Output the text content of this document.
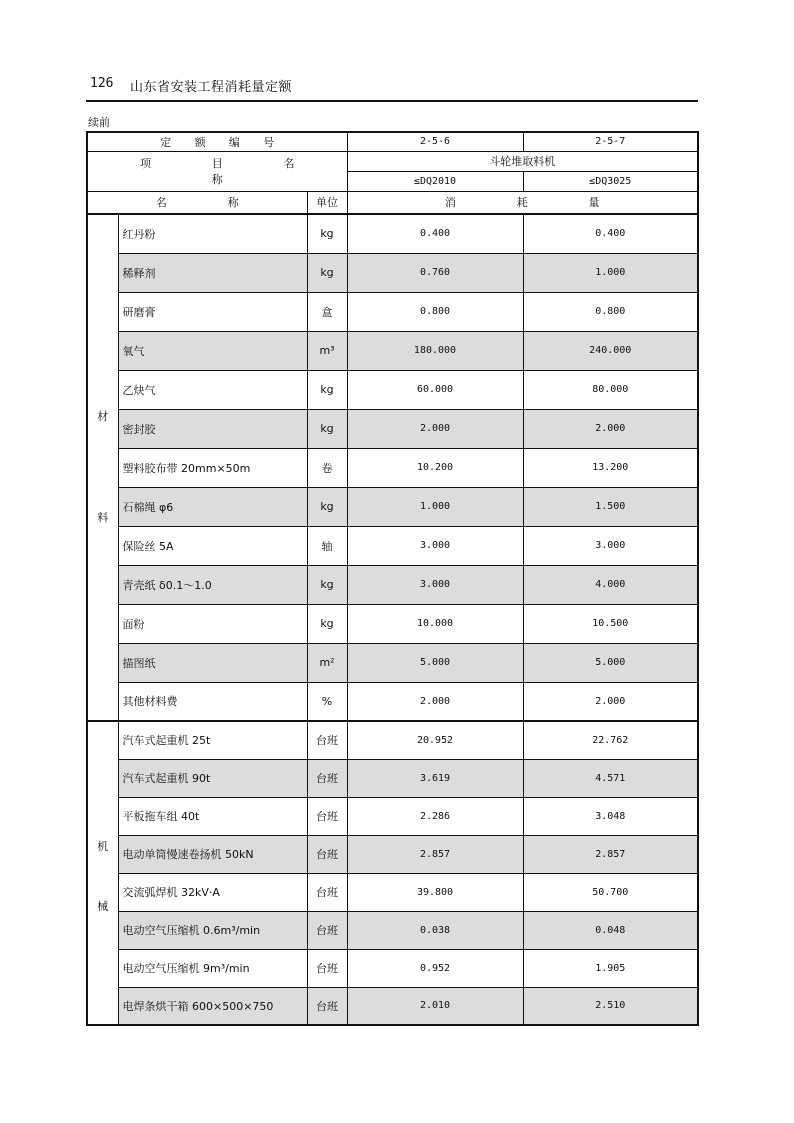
126 山东省安装工程消耗量定额
续前
定 额 编 号			2-5-6	2-5-7
项 目 名 称			斗轮堆取料机	
			≤DQ2010	≤DQ3025
名 称		单位	消 耗 量	

材
料	红丹粉	kg	0.400	0.400
	稀释剂	kg	0.760	1.000
	研磨膏	盒	0.800	0.800
	氧气	m³	180.000	240.000
	乙炔气	kg	60.000	80.000
	密封胶	kg	2.000	2.000
	塑料胶布带 20mm×50m	卷	10.200	13.200
	石棉绳 φ6	kg	1.000	1.500
	保险丝 5A	轴	3.000	3.000
	青壳纸 δ0.1～1.0	kg	3.000	4.000
	面粉	kg	10.000	10.500
	描图纸	m²	5.000	5.000
	其他材料费	%	2.000	2.000

机
械	汽车式起重机 25t	台班	20.952	22.762
	汽车式起重机 90t	台班	3.619	4.571
	平板拖车组 40t	台班	2.286	3.048
	电动单筒慢速卷扬机 50kN	台班	2.857	2.857
	交流弧焊机 32kV·A	台班	39.800	50.700
	电动空气压缩机 0.6m³/min	台班	0.038	0.048
	电动空气压缩机 9m³/min	台班	0.952	1.905
	电焊条烘干箱 600×500×750	台班	2.010	2.510
